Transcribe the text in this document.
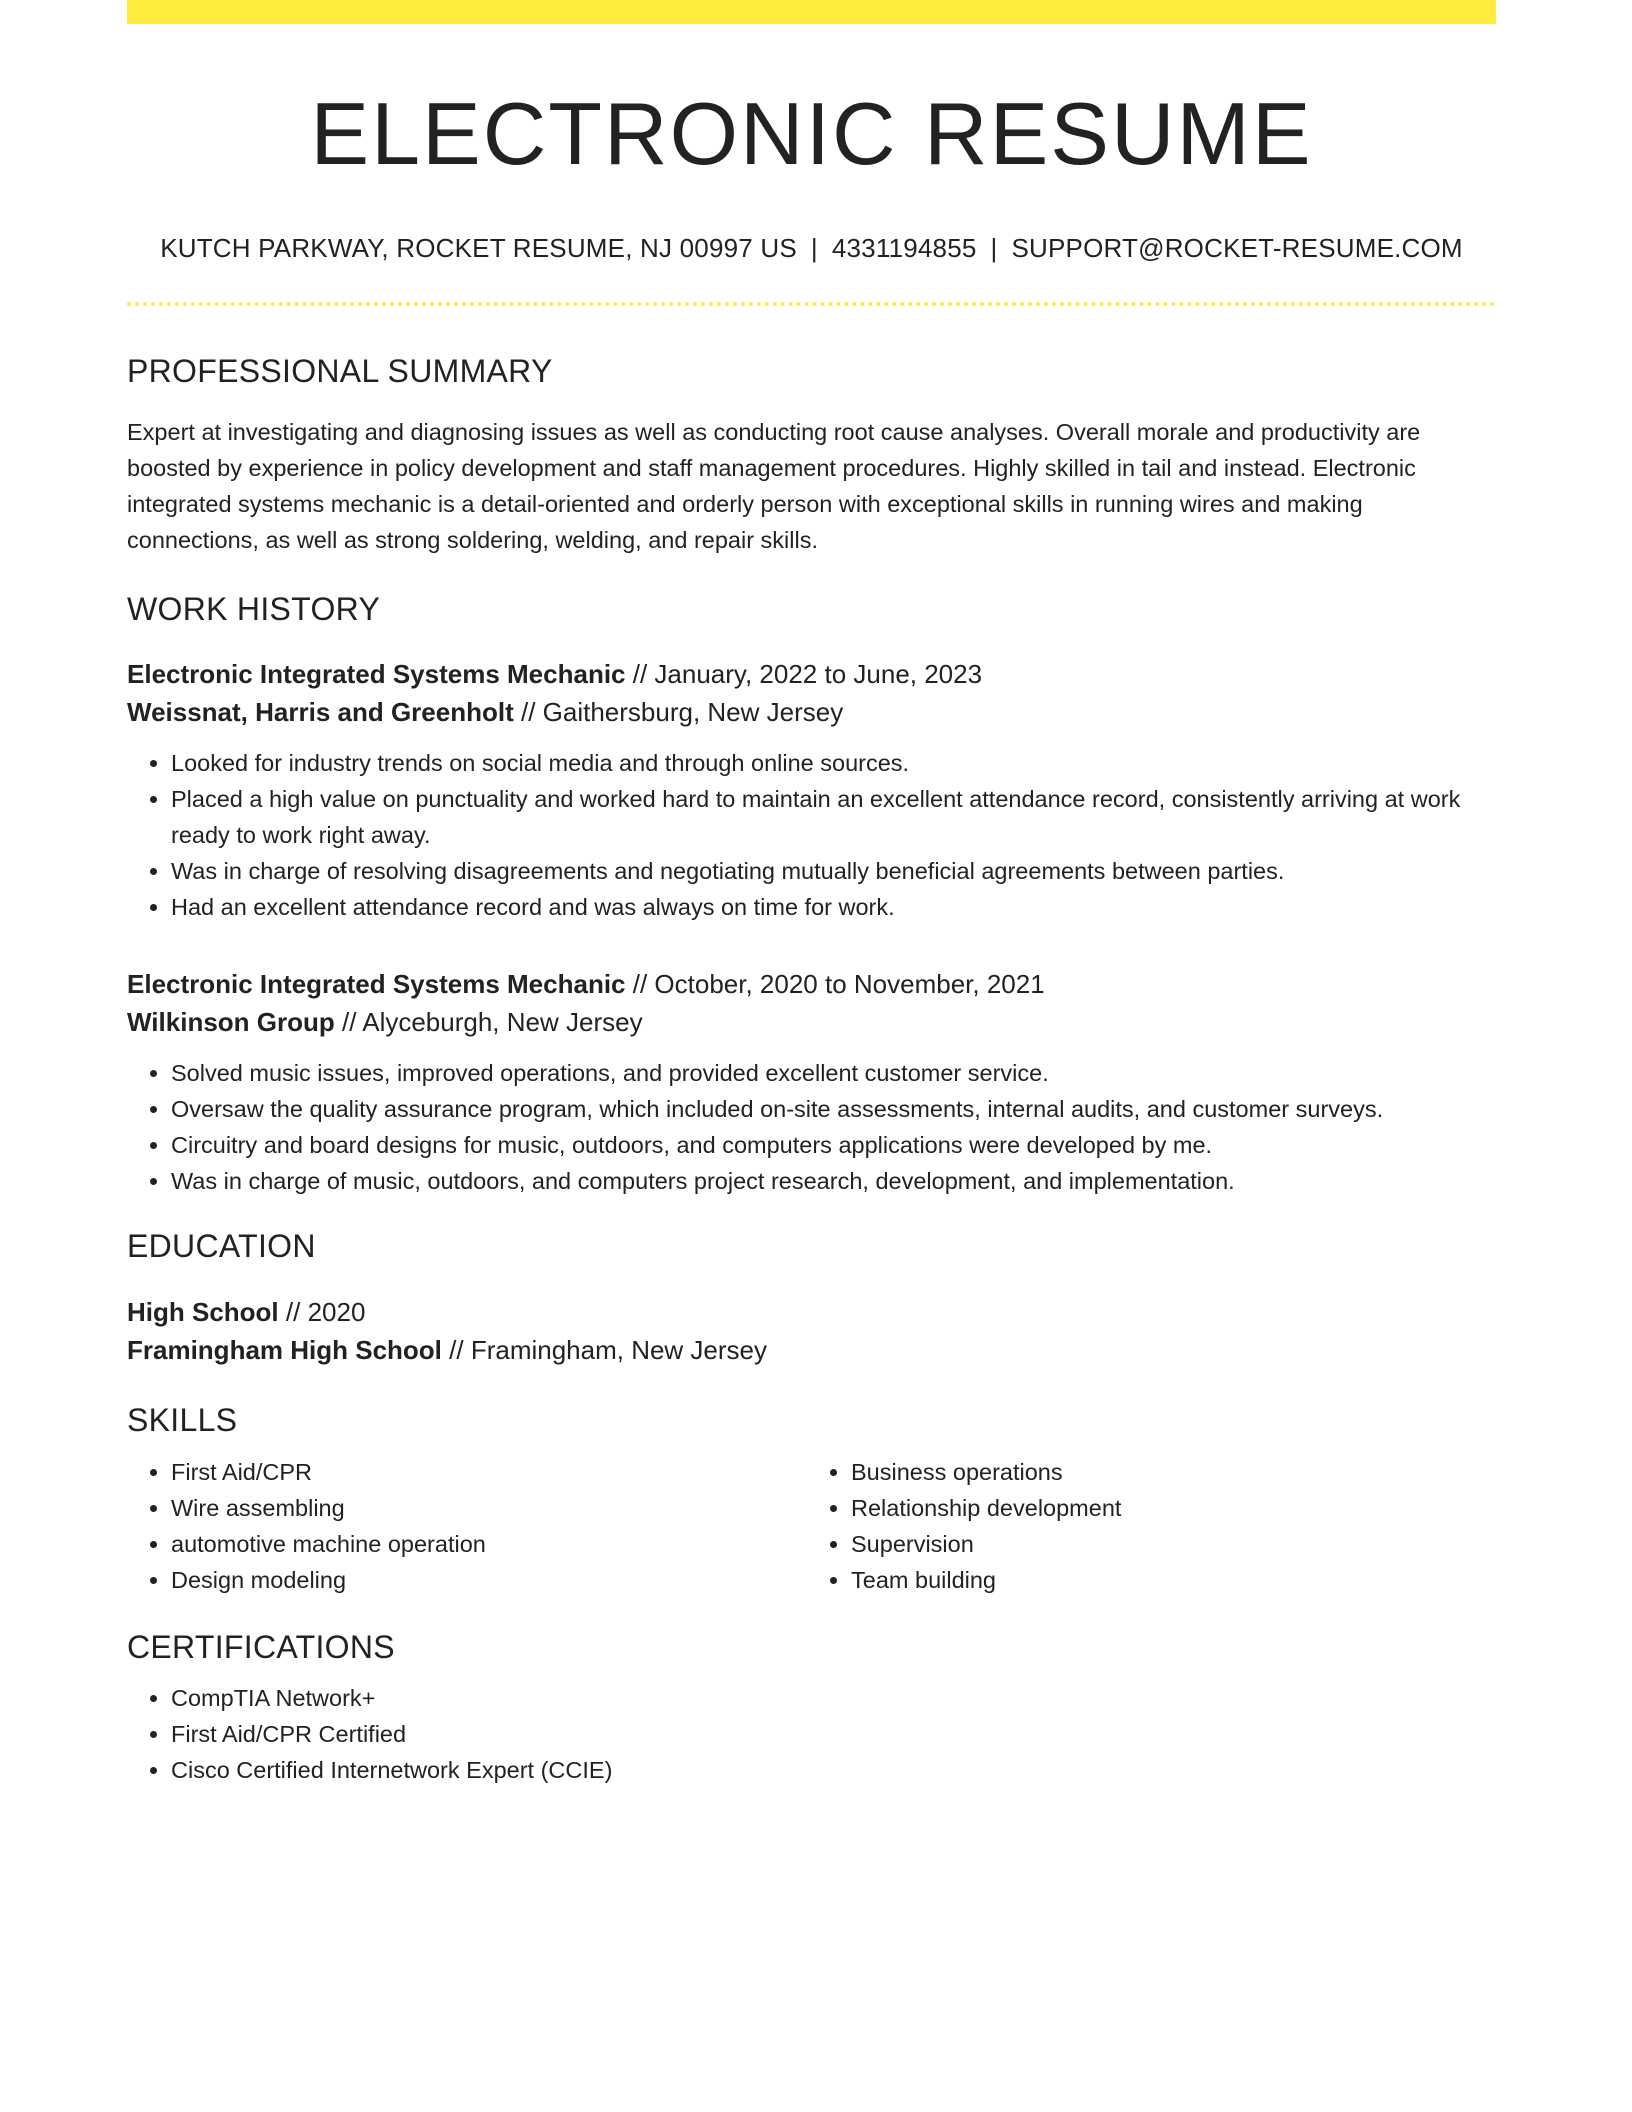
ELECTRONIC RESUME
KUTCH PARKWAY, ROCKET RESUME, NJ 00997 US | 4331194855 | SUPPORT@ROCKET-RESUME.COM
PROFESSIONAL SUMMARY

Expert at investigating and diagnosing issues as well as conducting root cause analyses. Overall morale and productivity are boosted by experience in policy development and staff management procedures. Highly skilled in tail and instead. Electronic integrated systems mechanic is a detail-oriented and orderly person with exceptional skills in running wires and making connections, as well as strong soldering, welding, and repair skills.

WORK HISTORY
Electronic Integrated Systems Mechanic // January, 2022 to June, 2023
Weissnat, Harris and Greenholt // Gaithersburg, New Jersey
• Looked for industry trends on social media and through online sources.
• Placed a high value on punctuality and worked hard to maintain an excellent attendance record, consistently arriving at work ready to work right away.
• Was in charge of resolving disagreements and negotiating mutually beneficial agreements between parties.
• Had an excellent attendance record and was always on time for work.
Electronic Integrated Systems Mechanic // October, 2020 to November, 2021
Wilkinson Group // Alyceburgh, New Jersey
• Solved music issues, improved operations, and provided excellent customer service.
• Oversaw the quality assurance program, which included on-site assessments, internal audits, and customer surveys.
• Circuitry and board designs for music, outdoors, and computers applications were developed by me.
• Was in charge of music, outdoors, and computers project research, development, and implementation.
EDUCATION
High School // 2020
Framingham High School // Framingham, New Jersey
SKILLS
• First Aid/CPR
• Wire assembling
• automotive machine operation
• Design modeling
• Business operations
• Relationship development
• Supervision
• Team building
CERTIFICATIONS
• CompTIA Network+
• First Aid/CPR Certified
• Cisco Certified Internetwork Expert (CCIE)
